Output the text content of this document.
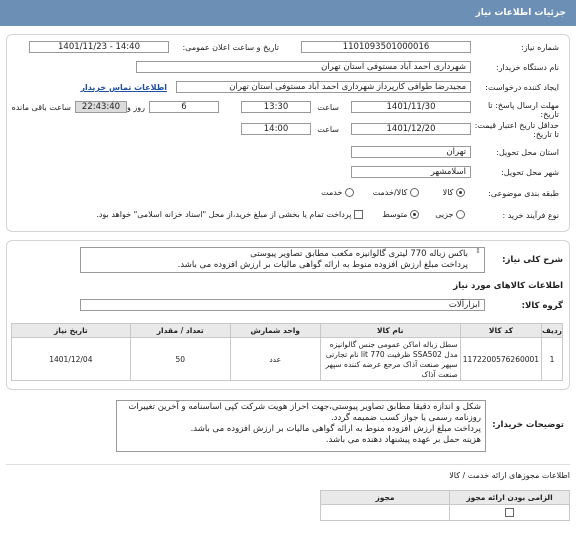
جزئیات اطلاعات نیاز
شماره نیاز:
1101093501000016
تاریخ و ساعت اعلان عمومی:
1401/11/23 - 14:40
نام دستگاه خریدار:
شهرداری احمد آباد مستوفی استان تهران
ایجاد کننده درخواست:
مجیدرضا طوافی کارپرداز شهرداری احمد آباد مستوفی استان تهران
اطلاعات تماس خریدار
مهلت ارسال پاسخ: تا تاریخ:
1401/11/30
ساعت
13:30
6
روز و
22:43:40
ساعت باقی مانده
حداقل تاریخ اعتبار قیمت: تا تاریخ:
1401/12/20
ساعت
14:00
استان محل تحویل:
تهران
شهر محل تحویل:
اسلامشهر
طبقه بندی موضوعی:
کالا
کالا/خدمت
خدمت
نوع فرآیند خرید :
جزیی
متوسط
پرداخت تمام یا بخشی از مبلغ خرید،از محل "اسناد خزانه اسلامی" خواهد بود.
شرح کلی نیاز:
باکس زباله 770 لیتری گالوانیزه مکعب مطابق تصاویر پیوستی
پرداخت مبلغ ارزش افزوده منوط به ارائه گواهی مالیات بر ارزش افزوده می باشد.
⇕
اطلاعات کالاهای مورد نیاز
گروه کالا:
ابزارآلات
ردیف	کد کالا	نام کالا	واحد شمارش	تعداد / مقدار	تاریخ نیاز
1	1172200576260001	سطل زباله اماکن عمومی جنس گالوانیزه مدل SSA502 ظرفیت 770 lit نام تجارتی سپهر صنعت آذاک مرجع عرضه کننده سپهر صنعت آذاک	عدد	50	1401/12/04
توضیحات خریدار:
شکل و اندازه دقیقا مطابق تصاویر پیوستی،جهت احراز هویت شرکت کپی اساسنامه و آخرین تغییرات روزنامه رسمی یا جواز کسب ضمیمه گردد.
پرداخت مبلغ ارزش افزوده منوط به ارائه گواهی مالیات بر ارزش افزوده می باشد.
هزینه حمل بر عهده پیشنهاد دهنده می باشد.
اطلاعات مجوزهای ارائه خدمت / کالا
الزامی بودن ارائه مجوز	مجوز
